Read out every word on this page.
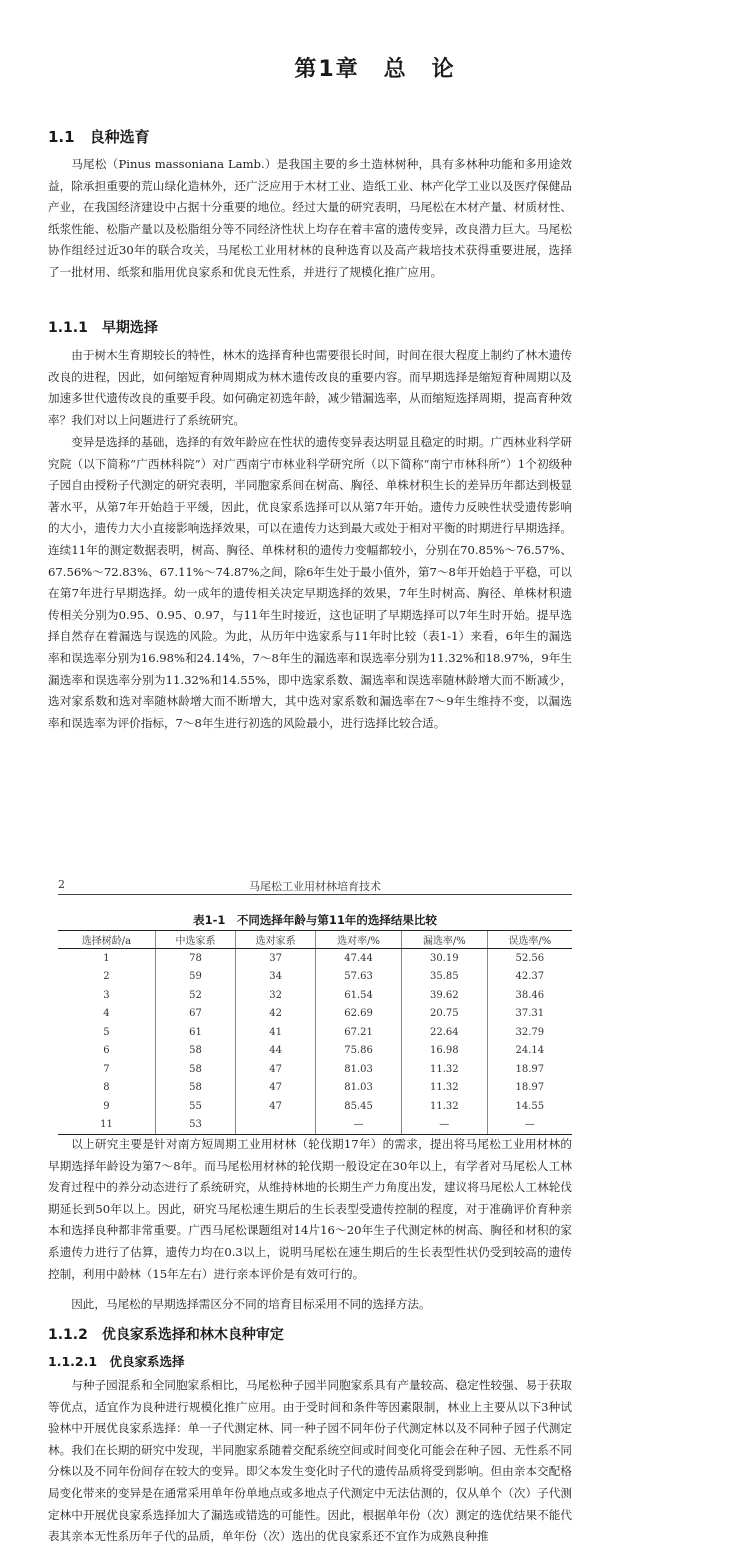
第1章　总　论
1.1　良种选育

马尾松（Pinus massoniana Lamb.）是我国主要的乡土造林树种，具有多林种功能和多用途效益，除承担重要的荒山绿化造林外，还广泛应用于木材工业、造纸工业、林产化学工业以及医疗保健品产业，在我国经济建设中占据十分重要的地位。经过大量的研究表明，马尾松在木材产量、材质材性、纸浆性能、松脂产量以及松脂组分等不同经济性状上均存在着丰富的遗传变异，改良潜力巨大。马尾松协作组经过近30年的联合攻关，马尾松工业用材林的良种选育以及高产栽培技术获得重要进展，选择了一批材用、纸浆和脂用优良家系和优良无性系，并进行了规模化推广应用。

1.1.1　早期选择

由于树木生育期较长的特性，林木的选择育种也需要很长时间，时间在很大程度上制约了林木遗传改良的进程，因此，如何缩短育种周期成为林木遗传改良的重要内容。而早期选择是缩短育种周期以及加速多世代遗传改良的重要手段。如何确定初选年龄，减少错漏选率，从而缩短选择周期，提高育种效率？我们对以上问题进行了系统研究。

变异是选择的基础，选择的有效年龄应在性状的遗传变异表达明显且稳定的时期。广西林业科学研究院（以下简称“广西林科院”）对广西南宁市林业科学研究所（以下简称“南宁市林科所”）1个初级种子园自由授粉子代测定的研究表明，半同胞家系间在树高、胸径、单株材积生长的差异历年都达到极显著水平，从第7年开始趋于平缓，因此，优良家系选择可以从第7年开始。遗传力反映性状受遗传影响的大小，遗传力大小直接影响选择效果，可以在遗传力达到最大或处于相对平衡的时期进行早期选择。连续11年的测定数据表明，树高、胸径、单株材积的遗传力变幅都较小，分别在70.85%～76.57%、67.56%～72.83%、67.11%～74.87%之间，除6年生处于最小值外，第7～8年开始趋于平稳，可以在第7年进行早期选择。幼一成年的遗传相关决定早期选择的效果，7年生时树高、胸径、单株材积遗传相关分别为0.95、0.95、0.97，与11年生时接近，这也证明了早期选择可以7年生时开始。提早选择自然存在着漏选与误选的风险。为此，从历年中选家系与11年时比较（表1-1）来看，6年生的漏选率和误选率分别为16.98%和24.14%，7～8年生的漏选率和误选率分别为11.32%和18.97%，9年生漏选率和误选率分别为11.32%和14.55%，即中选家系数、漏选率和误选率随林龄增大而不断减少，选对家系数和选对率随林龄增大而不断增大，其中选对家系数和漏选率在7～9年生维持不变，以漏选率和误选率为评价指标，7～8年生进行初选的风险最小，进行选择比较合适。

2	马尾松工业用材林培育技术
表1-1　不同选择年龄与第11年的选择结果比较
选择树龄/a	中选家系	选对家系	选对率/%	漏选率/%	误选率/%
1	78	37	47.44	30.19	52.56
2	59	34	57.63	35.85	42.37
3	52	32	61.54	39.62	38.46
4	67	42	62.69	20.75	37.31
5	61	41	67.21	22.64	32.79
6	58	44	75.86	16.98	24.14
7	58	47	81.03	11.32	18.97
8	58	47	81.03	11.32	18.97
9	55	47	85.45	11.32	14.55
11	53		—	—	—

以上研究主要是针对南方短周期工业用材林（轮伐期17年）的需求，提出将马尾松工业用材林的早期选择年龄设为第7～8年。而马尾松用材林的轮伐期一般设定在30年以上，有学者对马尾松人工林发育过程中的养分动态进行了系统研究，从维持林地的长期生产力角度出发，建议将马尾松人工林轮伐期延长到50年以上。因此，研究马尾松速生期后的生长表型受遗传控制的程度，对于准确评价育种亲本和选择良种都非常重要。广西马尾松课题组对14片16～20年生子代测定林的树高、胸径和材积的家系遗传力进行了估算，遗传力均在0.3以上，说明马尾松在速生期后的生长表型性状仍受到较高的遗传控制，利用中龄林（15年左右）进行亲本评价是有效可行的。

因此，马尾松的早期选择需区分不同的培育目标采用不同的选择方法。

1.1.2　优良家系选择和林木良种审定
1.1.2.1　优良家系选择

与种子园混系和全同胞家系相比，马尾松种子园半同胞家系具有产量较高、稳定性较强、易于获取等优点，适宜作为良种进行规模化推广应用。由于受时间和条件等因素限制，林业上主要从以下3种试验林中开展优良家系选择：单一子代测定林、同一种子园不同年份子代测定林以及不同种子园子代测定林。我们在长期的研究中发现，半同胞家系随着交配系统空间或时间变化可能会在种子园、无性系不同分株以及不同年份间存在较大的变异。即父本发生变化时子代的遗传品质将受到影响。但由亲本交配格局变化带来的变异是在通常采用单年份单地点或多地点子代测定中无法估测的，仅从单个（次）子代测定林中开展优良家系选择加大了漏选或错选的可能性。因此，根据单年份（次）测定的选优结果不能代表其亲本无性系历年子代的品质，单年份（次）选出的优良家系还不宜作为成熟良种推
